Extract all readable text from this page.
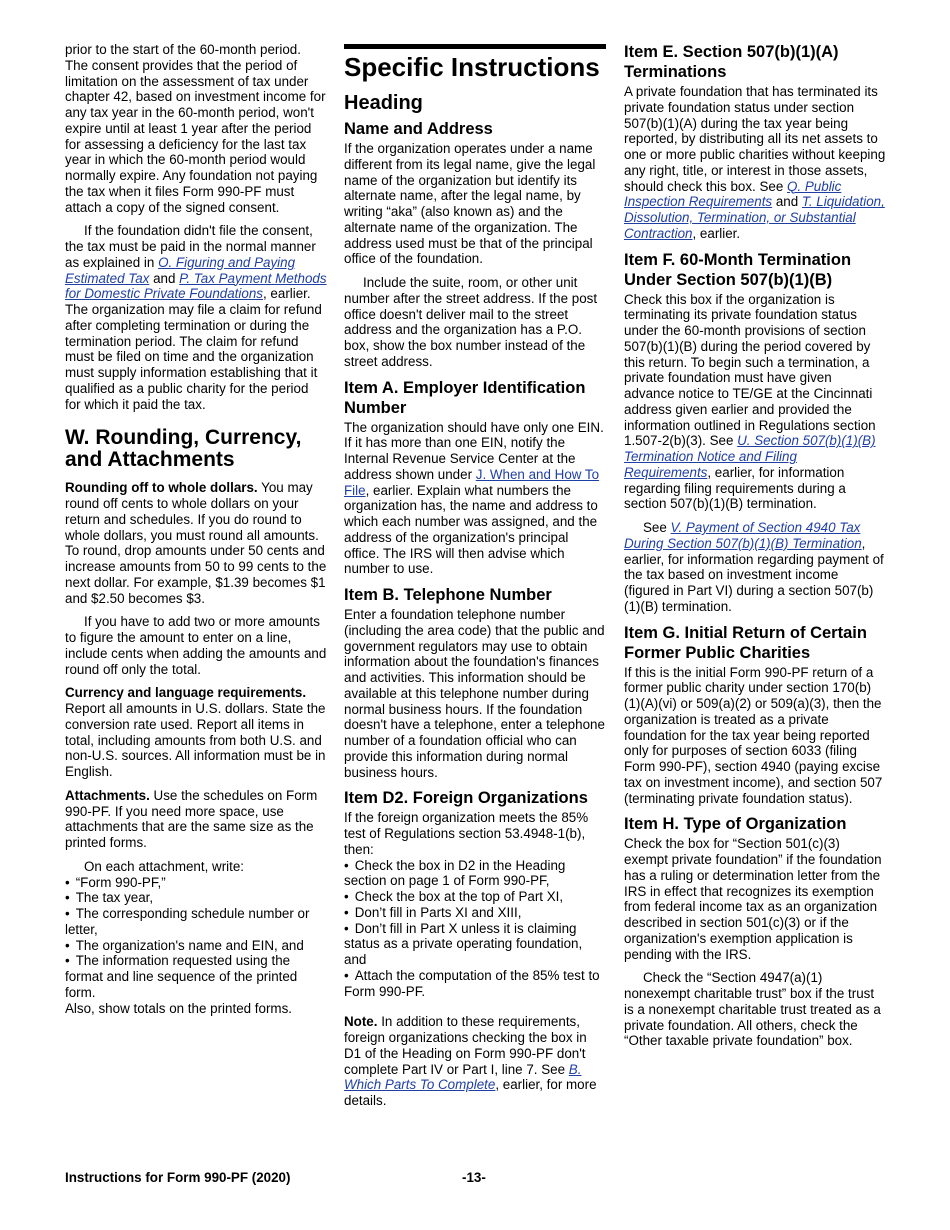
prior to the start of the 60-month period. The consent provides that the period of limitation on the assessment of tax under chapter 42, based on investment income for any tax year in the 60-month period, won't expire until at least 1 year after the period for assessing a deficiency for the last tax year in which the 60-month period would normally expire. Any foundation not paying the tax when it files Form 990-PF must attach a copy of the signed consent.

If the foundation didn't file the consent, the tax must be paid in the normal manner as explained in O. Figuring and Paying Estimated Tax and P. Tax Payment Methods for Domestic Private Foundations, earlier. The organization may file a claim for refund after completing termination or during the termination period. The claim for refund must be filed on time and the organization must supply information establishing that it qualified as a public charity for the period for which it paid the tax.

W. Rounding, Currency, and Attachments

Rounding off to whole dollars. You may round off cents to whole dollars on your return and schedules. If you do round to whole dollars, you must round all amounts. To round, drop amounts under 50 cents and increase amounts from 50 to 99 cents to the next dollar. For example, $1.39 becomes $1 and $2.50 becomes $3.

If you have to add two or more amounts to figure the amount to enter on a line, include cents when adding the amounts and round off only the total.

Currency and language requirements. Report all amounts in U.S. dollars. State the conversion rate used. Report all items in total, including amounts from both U.S. and non-U.S. sources. All information must be in English.

Attachments. Use the schedules on Form 990-PF. If you need more space, use attachments that are the same size as the printed forms.

On each attachment, write:

• “Form 990-PF,”
• The tax year,
• The corresponding schedule number or letter,
• The organization's name and EIN, and
• The information requested using the format and line sequence of the printed form.

Also, show totals on the printed forms.

Specific Instructions
Heading
Name and Address

If the organization operates under a name different from its legal name, give the legal name of the organization but identify its alternate name, after the legal name, by writing “aka” (also known as) and the alternate name of the organization. The address used must be that of the principal office of the foundation.

Include the suite, room, or other unit number after the street address. If the post office doesn't deliver mail to the street address and the organization has a P.O. box, show the box number instead of the street address.

Item A. Employer Identification Number

The organization should have only one EIN. If it has more than one EIN, notify the Internal Revenue Service Center at the address shown under J. When and How To File, earlier. Explain what numbers the organization has, the name and address to which each number was assigned, and the address of the organization's principal office. The IRS will then advise which number to use.

Item B. Telephone Number

Enter a foundation telephone number (including the area code) that the public and government regulators may use to obtain information about the foundation's finances and activities. This information should be available at this telephone number during normal business hours. If the foundation doesn't have a telephone, enter a telephone number of a foundation official who can provide this information during normal business hours.

Item D2. Foreign Organizations

If the foreign organization meets the 85% test of Regulations section 53.4948-1(b), then:

• Check the box in D2 in the Heading section on page 1 of Form 990-PF,
• Check the box at the top of Part XI,
• Don’t fill in Parts XI and XIII,
• Don’t fill in Part X unless it is claiming status as a private operating foundation, and
• Attach the computation of the 85% test to Form 990-PF.

Note. In addition to these requirements, foreign organizations checking the box in D1 of the Heading on Form 990-PF don't complete Part IV or Part I, line 7. See B. Which Parts To Complete, earlier, for more details.

Item E. Section 507(b)(1)(A) Terminations

A private foundation that has terminated its private foundation status under section 507(b)(1)(A) during the tax year being reported, by distributing all its net assets to one or more public charities without keeping any right, title, or interest in those assets, should check this box. See Q. Public Inspection Requirements and T. Liquidation, Dissolution, Termination, or Substantial Contraction, earlier.

Item F. 60-Month Termination Under Section 507(b)(1)(B)

Check this box if the organization is terminating its private foundation status under the 60-month provisions of section 507(b)(1)(B) during the period covered by this return. To begin such a termination, a private foundation must have given advance notice to TE/GE at the Cincinnati address given earlier and provided the information outlined in Regulations section 1.507-2(b)(3). See U. Section 507(b)(1)(B) Termination Notice and Filing Requirements, earlier, for information regarding filing requirements during a section 507(b)(1)(B) termination.

See V. Payment of Section 4940 Tax During Section 507(b)(1)(B) Termination, earlier, for information regarding payment of the tax based on investment income (figured in Part VI) during a section 507(b)(1)(B) termination.

Item G. Initial Return of Certain Former Public Charities

If this is the initial Form 990-PF return of a former public charity under section 170(b)(1)(A)(vi) or 509(a)(2) or 509(a)(3), then the organization is treated as a private foundation for the tax year being reported only for purposes of section 6033 (filing Form 990-PF), section 4940 (paying excise tax on investment income), and section 507 (terminating private foundation status).

Item H. Type of Organization

Check the box for “Section 501(c)(3) exempt private foundation” if the foundation has a ruling or determination letter from the IRS in effect that recognizes its exemption from federal income tax as an organization described in section 501(c)(3) or if the organization's exemption application is pending with the IRS.

Check the “Section 4947(a)(1) nonexempt charitable trust” box if the trust is a nonexempt charitable trust treated as a private foundation. All others, check the “Other taxable private foundation” box.

Instructions for Form 990-PF (2020)	-13-
